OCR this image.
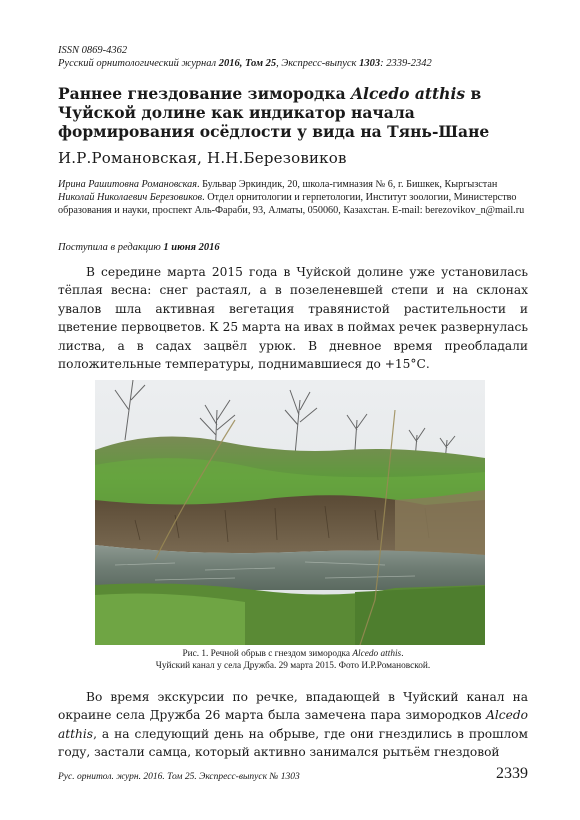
ISSN 0869-4362
Русский орнитологический журнал 2016, Том 25, Экспресс-выпуск 1303: 2339-2342
Раннее гнездование зимородка Alcedo atthis в Чуйской долине как индикатор начала формирования осёдлости у вида на Тянь-Шане
И.Р.Романовская, Н.Н.Березовиков
Ирина Рашитовна Романовская. Бульвар Эркиндик, 20, школа-гимназия № 6, г. Бишкек, Кыргызстан
Николай Николаевич Березовиков. Отдел орнитологии и герпетологии, Институт зоологии, Министерство образования и науки, проспект Аль-Фараби, 93, Алматы, 050060, Казахстан. E-mail: berezovikov_n@mail.ru
Поступила в редакцию 1 июня 2016
В середине марта 2015 года в Чуйской долине уже установилась тёплая весна: снег растаял, а в позеленевшей степи и на склонах увалов шла активная вегетация травянистой растительности и цветение первоцветов. К 25 марта на ивах в поймах речек развернулась листва, а в садах зацвёл урюк. В дневное время преобладали положительные температуры, поднимавшиеся до +15°С.
Рис. 1. Речной обрыв с гнездом зимородка Alcedo atthis.
Чуйский канал у села Дружба. 29 марта 2015. Фото И.Р.Романовской.
Во время экскурсии по речке, впадающей в Чуйский канал на окраине села Дружба 26 марта была замечена пара зимородков Alcedo atthis, а на следующий день на обрыве, где они гнездились в прошлом году, застали самца, который активно занимался рытьём гнездовой
Рус. орнитол. журн. 2016. Том 25. Экспресс-выпуск № 1303	2339
